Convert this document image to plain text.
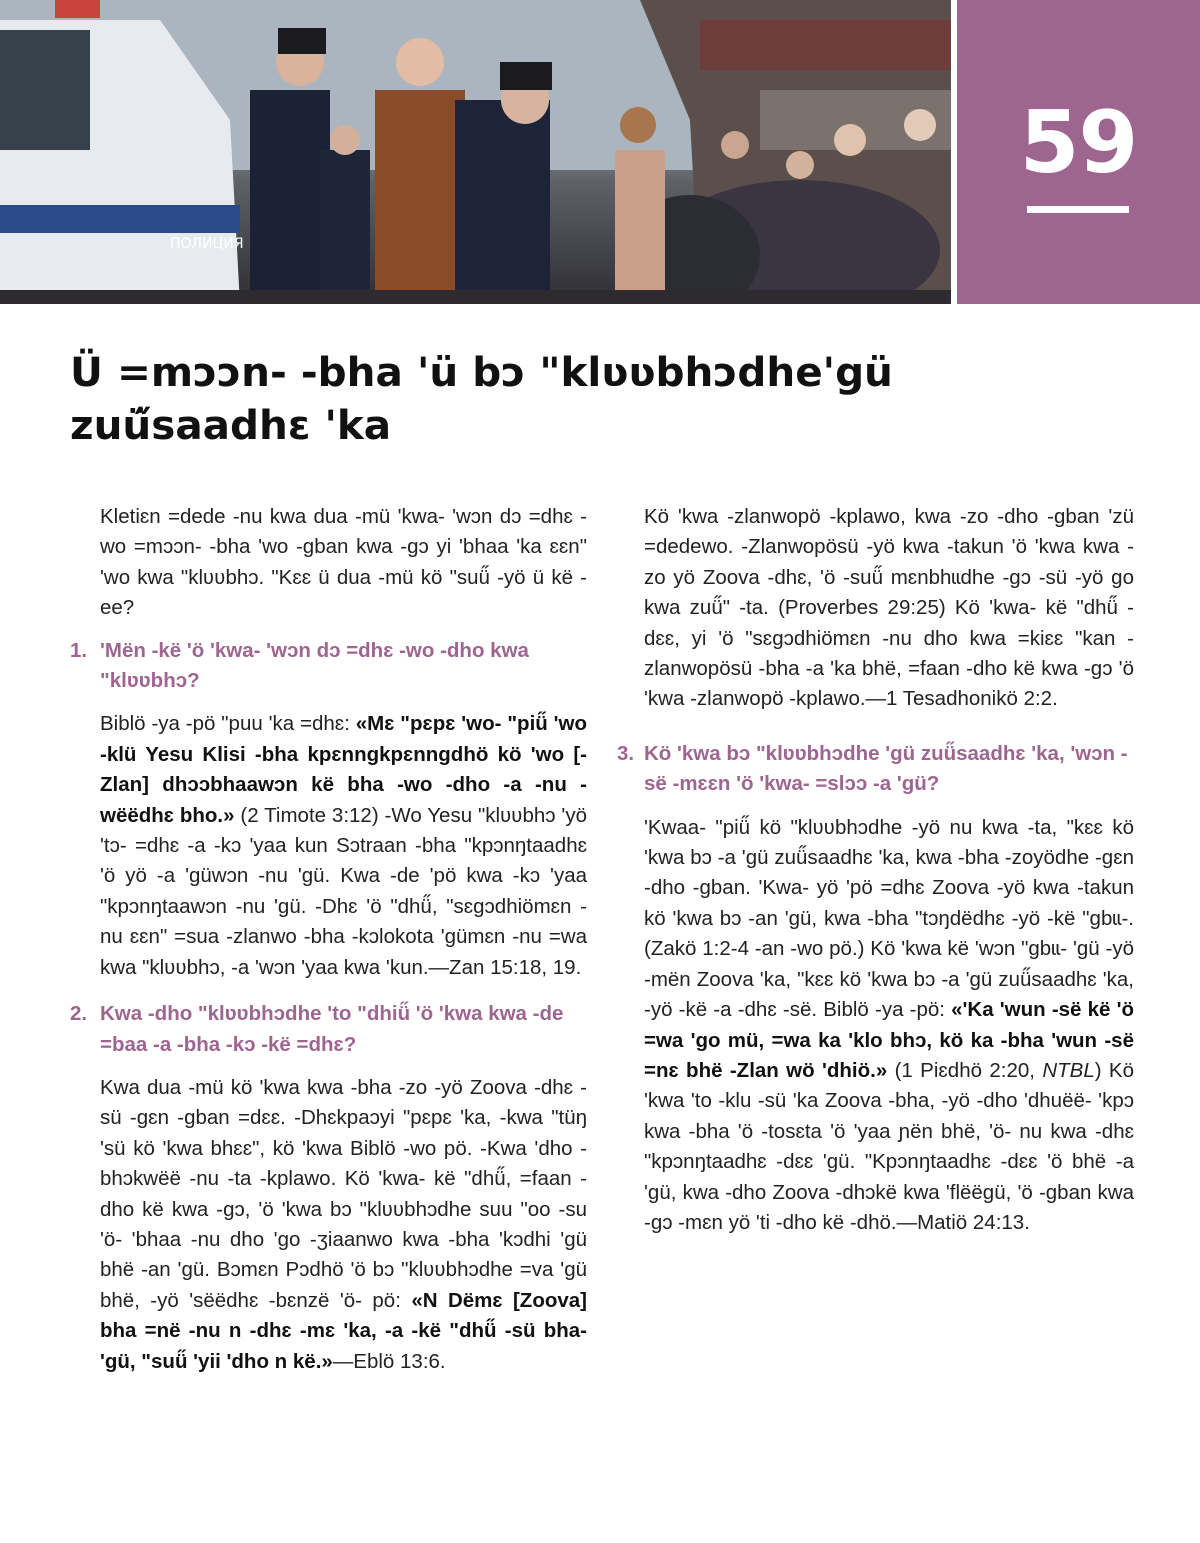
ПОЛИЦИЯ
59
Ü =mɔɔn- -bha 'ü bɔ "klʋʋbhɔdhe'gü
zuü̋saadhɛ 'ka

Kletiɛn =dede -nu kwa dua -mü 'kwa- 'wɔn dɔ =dhɛ -wo =mɔɔn- -bha 'wo -gban kwa -gɔ yi 'bhaa 'ka ɛɛn" 'wo kwa "klʋʋbhɔ. "Kɛɛ ü dua -mü kö "suü̋ -yö ü kë -ee?

1. 'Mën -kë 'ö 'kwa- 'wɔn dɔ =dhɛ -wo -dho kwa "klʋʋbhɔ?

Biblö -ya -pö "puu 'ka =dhɛ: «Mɛ "pɛpɛ 'wo- "piü̋ 'wo -klü Yesu Klisi -bha kpɛnngkpɛnngdhö kö 'wo [-Zlan] dhɔɔbhaawɔn kë bha -wo -dho -a -nu -wëëdhɛ bho.» (2 Timote 3:12) -Wo Yesu "klʋʋbhɔ 'yö 'tɔ- =dhɛ -a -kɔ 'yaa kun Sɔtraan -bha "kpɔnŋtaadhɛ 'ö yö -a 'güwɔn -nu 'gü. Kwa -de 'pö kwa -kɔ 'yaa "kpɔnŋtaawɔn -nu 'gü. -Dhɛ 'ö "dhü̋, "sɛgɔdhiömɛn -nu ɛɛn" =sua -zlanwo -bha -kɔlokota 'gümɛn -nu =wa kwa "klʋʋbhɔ, -a 'wɔn 'yaa kwa 'kun.—Zan 15:18, 19.

2. Kwa -dho "klʋʋbhɔdhe 'to "dhiü̋ 'ö 'kwa kwa -de =baa -a -bha -kɔ -kë =dhɛ?

Kwa dua -mü kö 'kwa kwa -bha -zo -yö Zoova -dhɛ -sü -gɛn -gban =dɛɛ. -Dhɛkpaɔyi "pɛpɛ 'ka, -kwa "tüŋ 'sü kö 'kwa bhɛɛ", kö 'kwa Biblö -wo pö. -Kwa 'dho -bhɔkwëë -nu -ta -kplawo. Kö 'kwa- kë "dhü̋, =faan -dho kë kwa -gɔ, 'ö 'kwa bɔ "klʋʋbhɔdhe suu "oo -su 'ö- 'bhaa -nu dho 'go -ʒiaanwo kwa -bha 'kɔdhi 'gü bhë -an 'gü. Bɔmɛn Pɔdhö 'ö bɔ "klʋʋbhɔdhe =va 'gü bhë, -yö 'sëëdhɛ -bɛnzë 'ö- pö: «N Dëmɛ [Zoova] bha =në -nu n -dhɛ -mɛ 'ka, -a -kë "dhü̋ -sü bha- 'gü, "suü̋ 'yii 'dho n kë.»—Eblö 13:6.

Kö 'kwa -zlanwopö -kplawo, kwa -zo -dho -gban 'zü =dedewo. -Zlanwopösü -yö kwa -takun 'ö 'kwa kwa -zo yö Zoova -dhɛ, 'ö -suü̋ mɛnbhɩɩdhe -gɔ -sü -yö go kwa zuü̋" -ta. (Proverbes 29:25) Kö 'kwa- kë "dhü̋ -dɛɛ, yi 'ö "sɛgɔdhiömɛn -nu dho kwa =kiɛɛ "kan -zlanwopösü -bha -a 'ka bhë, =faan -dho kë kwa -gɔ 'ö 'kwa -zlanwopö -kplawo.—1 Tesadhonikö 2:2.

3. Kö 'kwa bɔ "klʋʋbhɔdhe 'gü zuü̋saadhɛ 'ka, 'wɔn -së -mɛɛn 'ö 'kwa- =slɔɔ -a 'gü?

'Kwaa- "piü̋ kö "klʋʋbhɔdhe -yö nu kwa -ta, "kɛɛ kö 'kwa bɔ -a 'gü zuü̋saadhɛ 'ka, kwa -bha -zoyödhe -gɛn -dho -gban. 'Kwa- yö 'pö =dhɛ Zoova -yö kwa -takun kö 'kwa bɔ -an 'gü, kwa -bha "tɔŋdëdhɛ -yö -kë "gbɩɩ-. (Zakö 1:2-4 -an -wo pö.) Kö 'kwa kë 'wɔn "gbɩɩ- 'gü -yö -mën Zoova 'ka, "kɛɛ kö 'kwa bɔ -a 'gü zuü̋saadhɛ 'ka, -yö -kë -a -dhɛ -së. Biblö -ya -pö: «'Ka 'wun -së kë 'ö =wa 'go mü, =wa ka 'klo bhɔ, kö ka -bha 'wun -së =nɛ bhë -Zlan wö 'dhiö.» (1 Piɛdhö 2:20, NTBL) Kö 'kwa 'to -klu -sü 'ka Zoova -bha, -yö -dho 'dhuëë- 'kpɔ kwa -bha 'ö -tosɛta 'ö 'yaa ɲën bhë, 'ö- nu kwa -dhɛ "kpɔnŋtaadhɛ -dɛɛ 'gü. "Kpɔnŋtaadhɛ -dɛɛ 'ö bhë -a 'gü, kwa -dho Zoova -dhɔkë kwa 'flëëgü, 'ö -gban kwa -gɔ -mɛn yö 'ti -dho kë -dhö.—Matiö 24:13.
